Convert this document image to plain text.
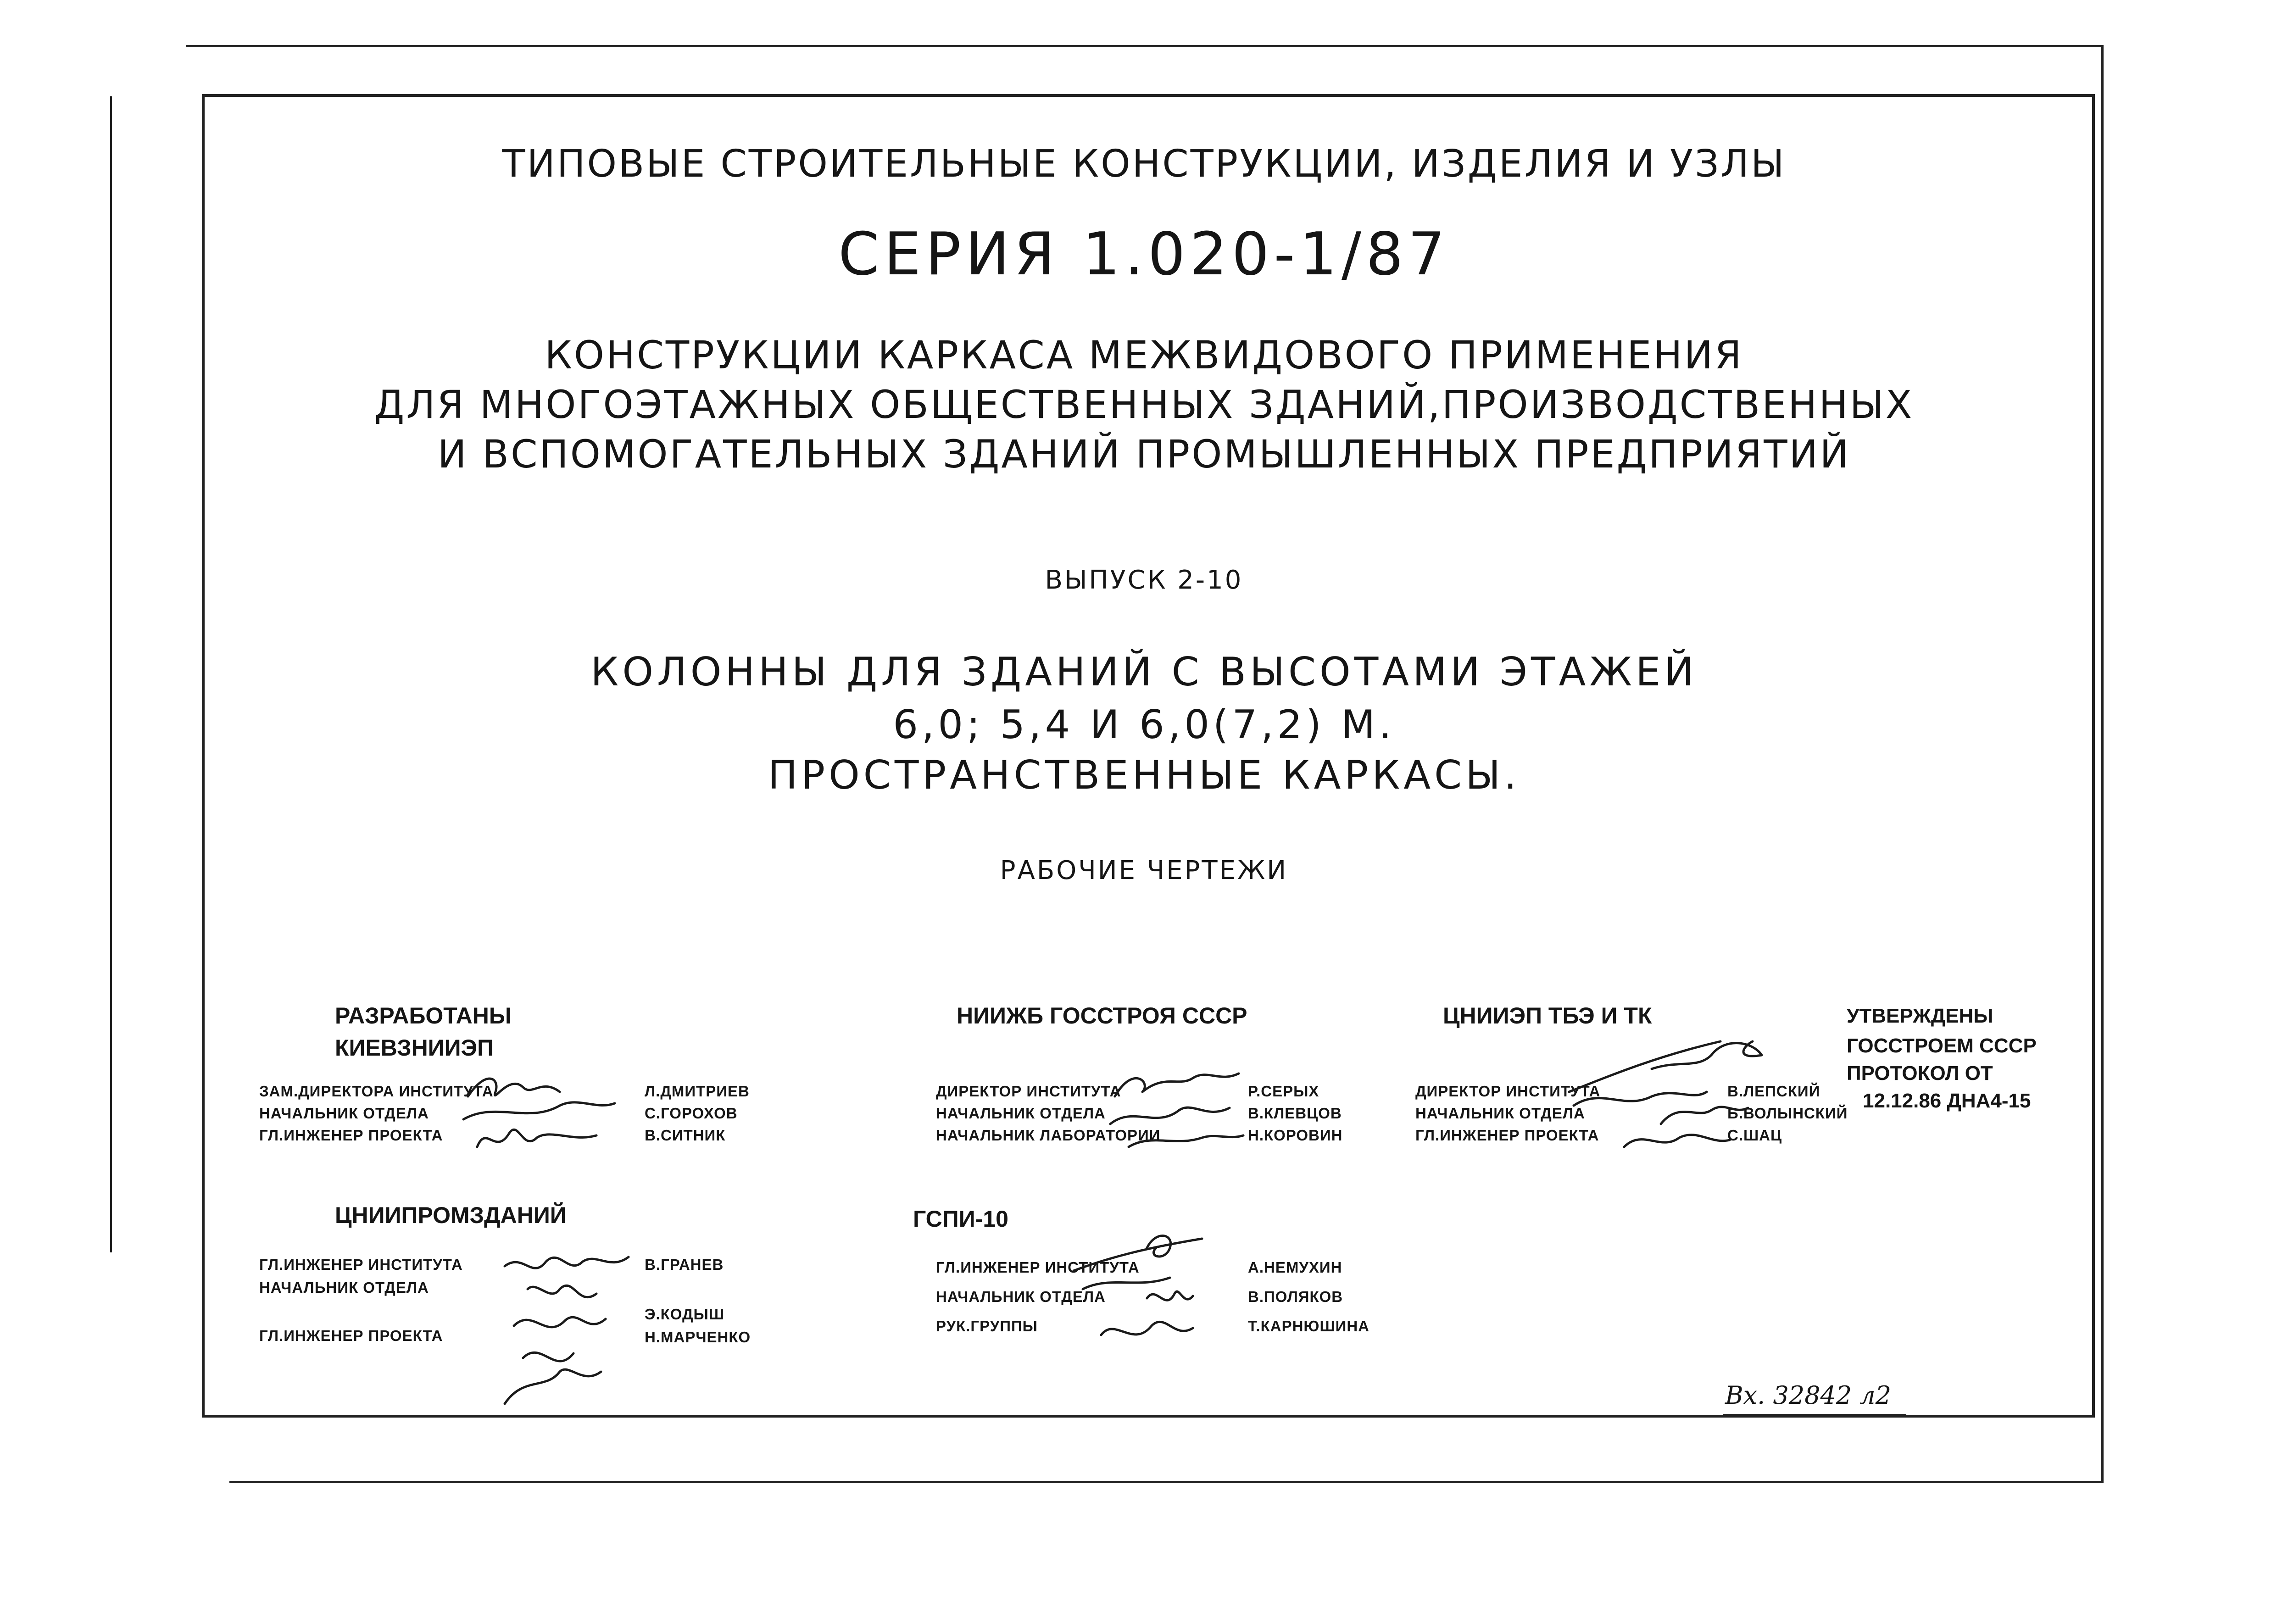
ТИПОВЫЕ СТРОИТЕЛЬНЫЕ КОНСТРУКЦИИ, ИЗДЕЛИЯ И УЗЛЫ
СЕРИЯ 1.020-1/87
КОНСТРУКЦИИ КАРКАСА МЕЖВИДОВОГО ПРИМЕНЕНИЯ
ДЛЯ МНОГОЭТАЖНЫХ ОБЩЕСТВЕННЫХ ЗДАНИЙ,ПРОИЗВОДСТВЕННЫХ
И ВСПОМОГАТЕЛЬНЫХ ЗДАНИЙ ПРОМЫШЛЕННЫХ ПРЕДПРИЯТИЙ
ВЫПУСК 2-10
КОЛОННЫ ДЛЯ ЗДАНИЙ С ВЫСОТАМИ ЭТАЖЕЙ
6,0; 5,4 И 6,0(7,2) М.
ПРОСТРАНСТВЕННЫЕ КАРКАСЫ.
РАБОЧИЕ ЧЕРТЕЖИ
РАЗРАБОТАНЫ
КИЕВЗНИИЭП
ЗАМ.ДИРЕКТОРА ИНСТИТУТА
НАЧАЛЬНИК ОТДЕЛА
ГЛ.ИНЖЕНЕР ПРОЕКТА
Л.ДМИТРИЕВ
С.ГОРОХОВ
В.СИТНИК
НИИЖБ ГОССТРОЯ СССР
ДИРЕКТОР ИНСТИТУТА
НАЧАЛЬНИК ОТДЕЛА
НАЧАЛЬНИК ЛАБОРАТОРИИ
Р.СЕРЫХ
В.КЛЕВЦОВ
Н.КОРОВИН
ЦНИИЭП ТБЭ И ТК
ДИРЕКТОР ИНСТИТУТА
НАЧАЛЬНИК ОТДЕЛА
ГЛ.ИНЖЕНЕР ПРОЕКТА
В.ЛЕПСКИЙ
Б.ВОЛЫНСКИЙ
С.ШАЦ
УТВЕРЖДЕНЫ
ГОССТРОЕМ СССР
ПРОТОКОЛ ОТ
12.12.86 ДНА4-15
ЦНИИПРОМЗДАНИЙ
ГЛ.ИНЖЕНЕР ИНСТИТУТА
НАЧАЛЬНИК ОТДЕЛА
ГЛ.ИНЖЕНЕР ПРОЕКТА
В.ГРАНЕВ
Э.КОДЫШ
Н.МАРЧЕНКО
ГСПИ-10
ГЛ.ИНЖЕНЕР ИНСТИТУТА
НАЧАЛЬНИК ОТДЕЛА
РУК.ГРУППЫ
А.НЕМУХИН
В.ПОЛЯКОВ
Т.КАРНЮШИНА
Вх. 32842 л2
